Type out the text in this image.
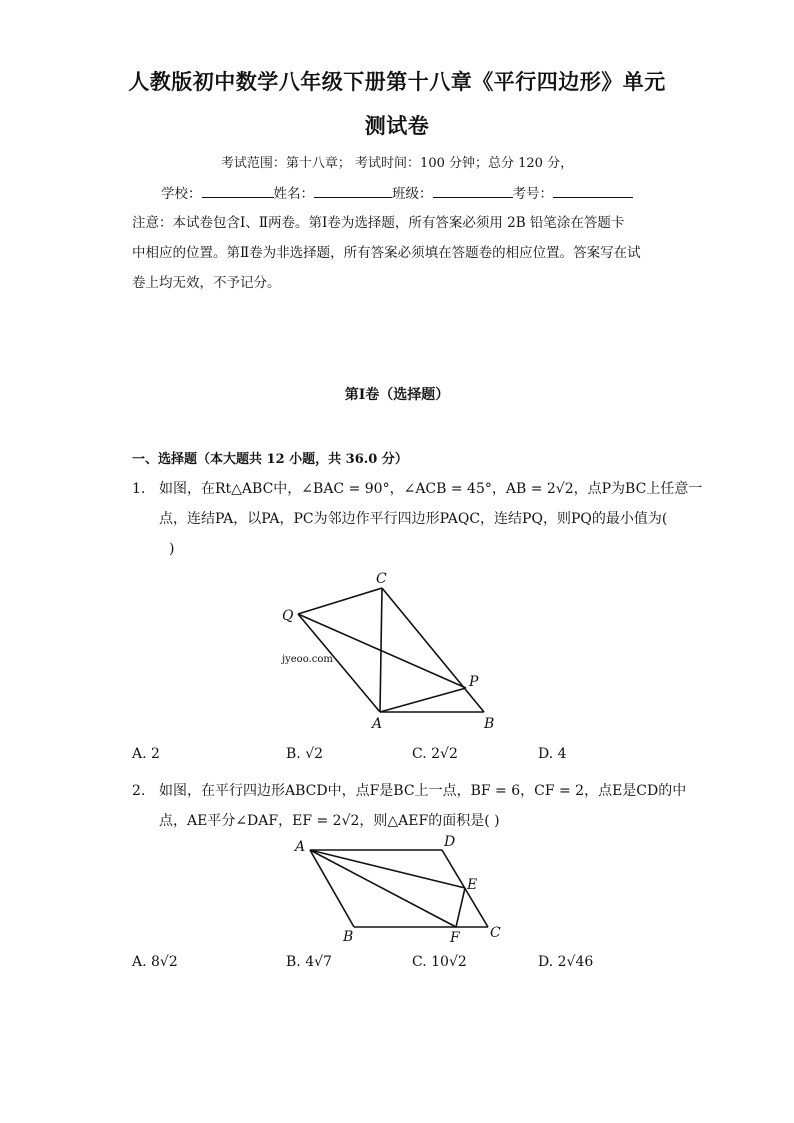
人教版初中数学八年级下册第十八章《平行四边形》单元
测试卷
考试范围：第十八章； 考试时间：100 分钟；总分 120 分，
学校：	姓名：	班级：	考号：
注意：本试卷包含Ⅰ、Ⅱ两卷。第Ⅰ卷为选择题，所有答案必须用 2B 铅笔涂在答题卡
中相应的位置。第Ⅱ卷为非选择题，所有答案必须填在答题卷的相应位置。答案写在试
卷上均无效，不予记分。
第Ⅰ卷（选择题）
一、选择题（本大题共 12 小题，共 36.0 分）
1. 如图，在Rt△ABC中，∠BAC = 90°，∠ACB = 45°，AB = 2√2，点P为BC上任意一
点，连结PA，以PA，PC为邻边作平行四边形PAQC，连结PQ，则PQ的最小值为(
)
C
Q
P
A	B
jyeoo.com
A. 2	B. √2	C. 2√2	D. 4
2. 如图，在平行四边形ABCD中，点F是BC上一点，BF = 6，CF = 2，点E是CD的中
点，AE平分∠DAF，EF = 2√2，则△AEF的面积是( )
A	D
E
B	F C
A. 8√2	B. 4√7	C. 10√2	D. 2√46
